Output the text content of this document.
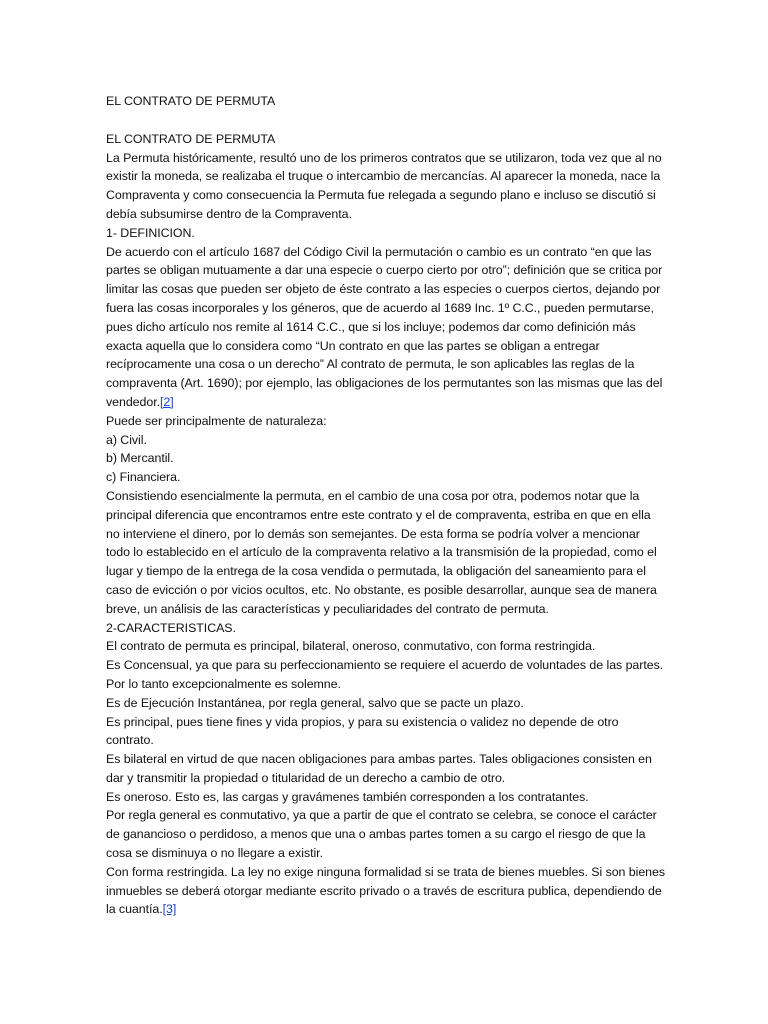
EL CONTRATO DE PERMUTA

EL CONTRATO DE PERMUTA

La Permuta históricamente, resultó uno de los primeros contratos que se utilizaron, toda vez que al no existir la moneda, se realizaba el truque o intercambio de mercancías. Al aparecer la moneda, nace la Compraventa y como consecuencia la Permuta fue relegada a segundo plano e incluso se discutió si debía subsumirse dentro de la Compraventa.

1- DEFINICION.

De acuerdo con el artículo 1687 del Código Civil la permutación o cambio es un contrato “en que las partes se obligan mutuamente a dar una especie o cuerpo cierto por otro”; definición que se critica por limitar las cosas que pueden ser objeto de éste contrato a las especies o cuerpos ciertos, dejando por fuera las cosas incorporales y los géneros, que de acuerdo al 1689 Inc. 1º C.C., pueden permutarse, pues dicho artículo nos remite al 1614 C.C., que si los incluye; podemos dar como definición más exacta aquella que lo considera como “Un contrato en que las partes se obligan a entregar recíprocamente una cosa o un derecho” Al contrato de permuta, le son aplicables las reglas de la compraventa (Art. 1690); por ejemplo, las obligaciones de los permutantes son las mismas que las del vendedor.[2]

Puede ser principalmente de naturaleza:

a) Civil.

b) Mercantil.

c) Financiera.

Consistiendo esencialmente la permuta, en el cambio de una cosa por otra, podemos notar que la principal diferencia que encontramos entre este contrato y el de compraventa, estriba en que en ella no interviene el dinero, por lo demás son semejantes. De esta forma se podría volver a mencionar todo lo establecido en el artículo de la compraventa relativo a la transmisión de la propiedad, como el lugar y tiempo de la entrega de la cosa vendida o permutada, la obligación del saneamiento para el caso de evicción o por vicios ocultos, etc. No obstante, es posible desarrollar, aunque sea de manera breve, un análisis de las características y peculiaridades del contrato de permuta.

2-CARACTERISTICAS.

El contrato de permuta es principal, bilateral, oneroso, conmutativo, con forma restringida.

Es Concensual, ya que para su perfeccionamiento se requiere el acuerdo de voluntades de las partes. Por lo tanto excepcionalmente es solemne.

Es de Ejecución Instantánea, por regla general, salvo que se pacte un plazo.

Es principal, pues tiene fines y vida propios, y para su existencia o validez no depende de otro contrato.

Es bilateral en virtud de que nacen obligaciones para ambas partes. Tales obligaciones consisten en dar y transmitir la propiedad o titularidad de un derecho a cambio de otro.

Es oneroso. Esto es, las cargas y gravámenes también corresponden a los contratantes.

Por regla general es conmutativo, ya que a partir de que el contrato se celebra, se conoce el carácter de ganancioso o perdidoso, a menos que una o ambas partes tomen a su cargo el riesgo de que la cosa se disminuya o no llegare a existir.

Con forma restringida. La ley no exige ninguna formalidad si se trata de bienes muebles. Si son bienes inmuebles se deberá otorgar mediante escrito privado o a través de escritura publica, dependiendo de la cuantía.[3]
